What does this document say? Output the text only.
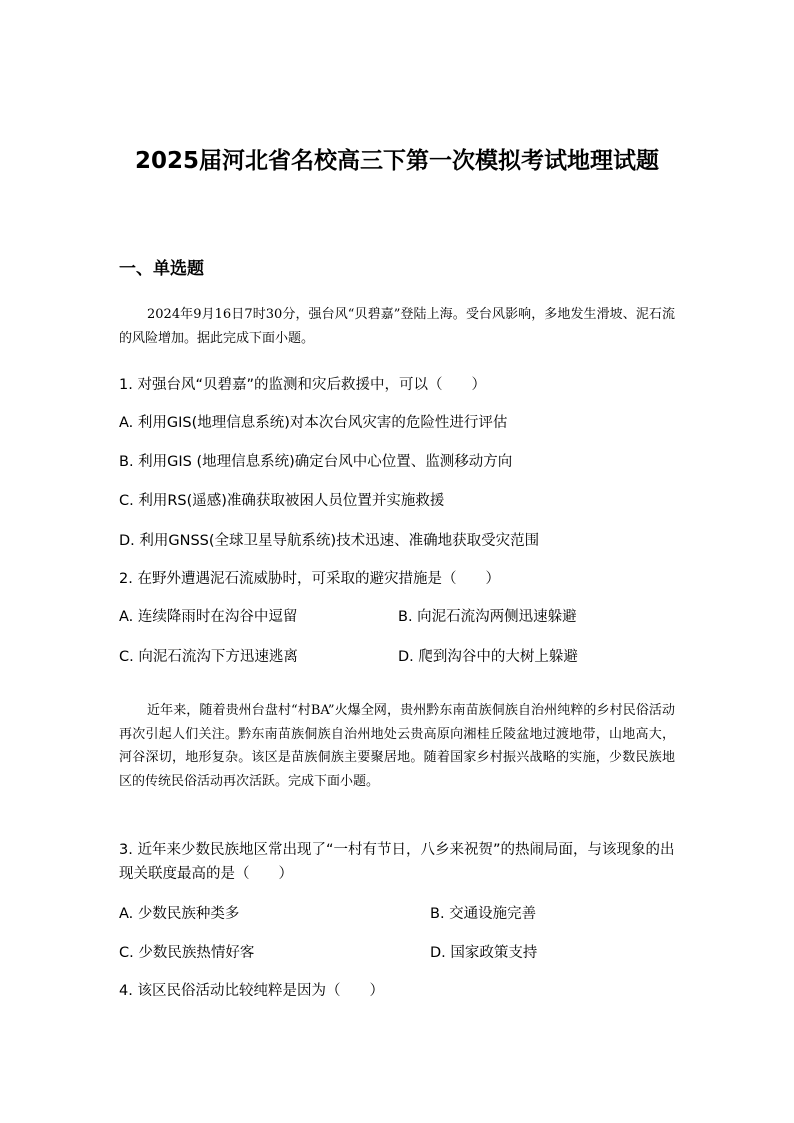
2025届河北省名校高三下第一次模拟考试地理试题
一、单选题
2024年9月16日7时30分，强台风“贝碧嘉”登陆上海。受台风影响，多地发生滑坡、泥石流的风险增加。据此完成下面小题。
1. 对强台风“贝碧嘉”的监测和灾后救援中，可以（　　）
A. 利用GIS(地理信息系统)对本次台风灾害的危险性进行评估
B. 利用GIS (地理信息系统)确定台风中心位置、监测移动方向
C. 利用RS(遥感)准确获取被困人员位置并实施救援
D. 利用GNSS(全球卫星导航系统)技术迅速、准确地获取受灾范围
2. 在野外遭遇泥石流威胁时，可采取的避灾措施是（　　）
A. 连续降雨时在沟谷中逗留	B. 向泥石流沟两侧迅速躲避
C. 向泥石流沟下方迅速逃离	D. 爬到沟谷中的大树上躲避
近年来，随着贵州台盘村“村BA”火爆全网，贵州黔东南苗族侗族自治州纯粹的乡村民俗活动再次引起人们关注。黔东南苗族侗族自治州地处云贵高原向湘桂丘陵盆地过渡地带，山地高大，河谷深切，地形复杂。该区是苗族侗族主要聚居地。随着国家乡村振兴战略的实施，少数民族地区的传统民俗活动再次活跃。完成下面小题。
3. 近年来少数民族地区常出现了“一村有节日，八乡来祝贺”的热闹局面，与该现象的出现关联度最高的是（　　）
A. 少数民族种类多	B. 交通设施完善
C. 少数民族热情好客	D. 国家政策支持
4. 该区民俗活动比较纯粹是因为（　　）
